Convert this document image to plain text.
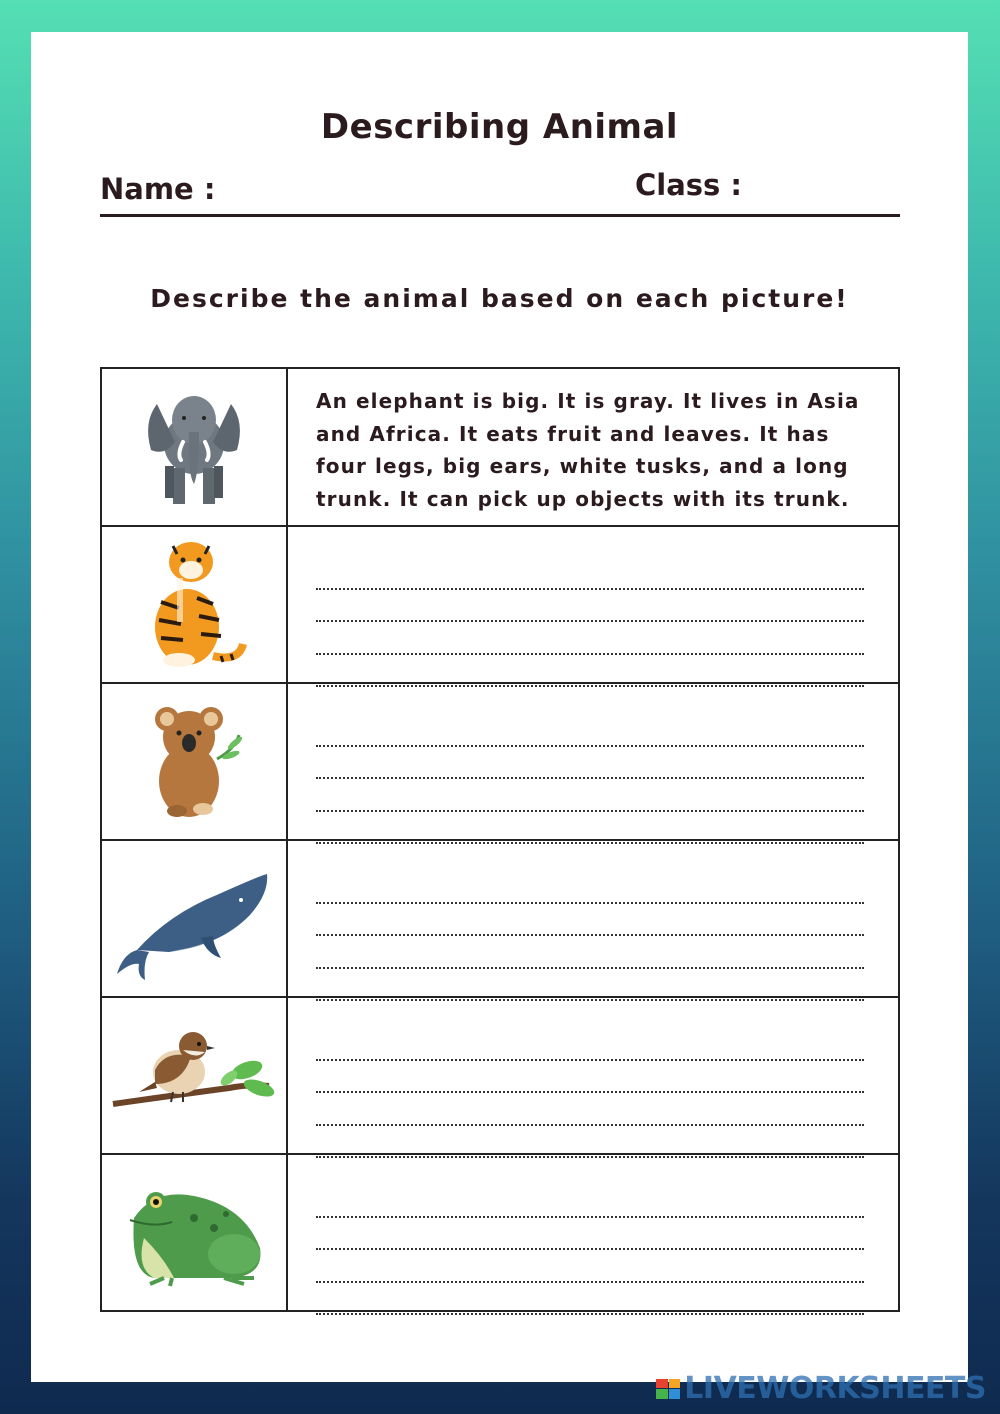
Describing Animal
Name :	Class :
Describe the animal based on each picture!

An elephant is big. It is gray. It lives in Asia and Africa. It eats fruit and leaves. It has four legs, big ears, white tusks, and a long trunk. It can pick up objects with its trunk.

LIVEWORKSHEETS
